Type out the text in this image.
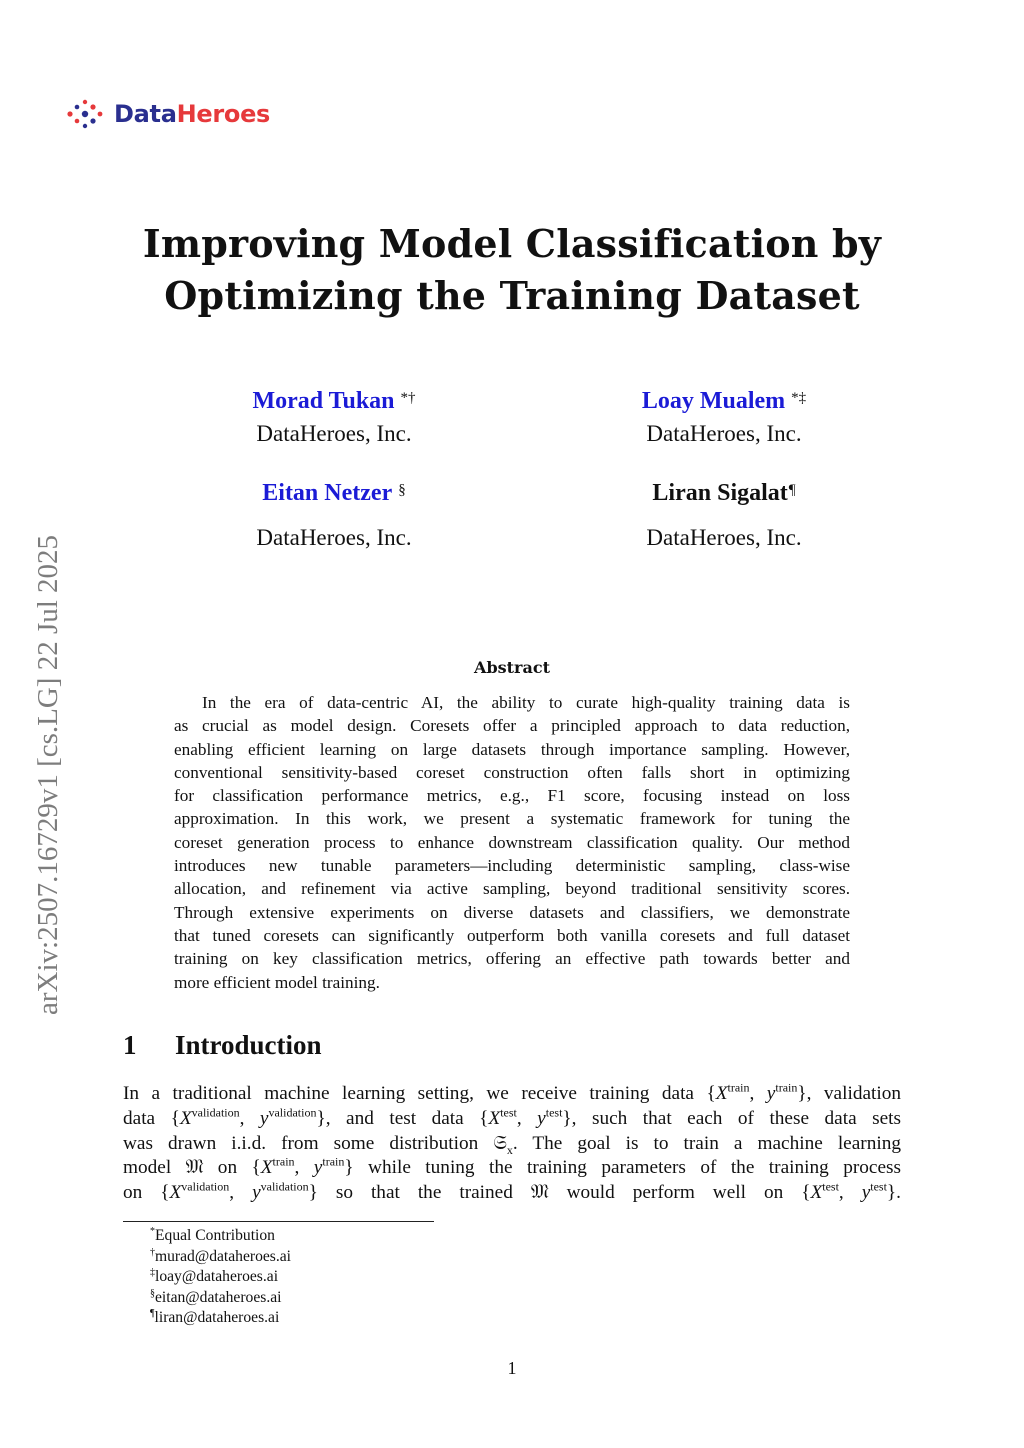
DataHeroes
arXiv:2507.16729v1 [cs.LG] 22 Jul 2025
Improving Model Classification by
Optimizing the Training Dataset
Morad Tukan *†
DataHeroes, Inc.
Loay Mualem *‡
DataHeroes, Inc.
Eitan Netzer §
DataHeroes, Inc.
Liran Sigalat¶
DataHeroes, Inc.
Abstract
In the era of data-centric AI, the ability to curate high-quality training data is
as crucial as model design. Coresets offer a principled approach to data reduction,
enabling efficient learning on large datasets through importance sampling. However,
conventional sensitivity-based coreset construction often falls short in optimizing
for classification performance metrics, e.g., F1 score, focusing instead on loss
approximation. In this work, we present a systematic framework for tuning the
coreset generation process to enhance downstream classification quality. Our method
introduces new tunable parameters—including deterministic sampling, class-wise
allocation, and refinement via active sampling, beyond traditional sensitivity scores.
Through extensive experiments on diverse datasets and classifiers, we demonstrate
that tuned coresets can significantly outperform both vanilla coresets and full dataset
training on key classification metrics, offering an effective path towards better and
more efficient model training.
1 Introduction
In a traditional machine learning setting, we receive training data {$X^{train}$, $y^{train}$}, validation
data {$X^{validation}$, $y^{validation}$}, and test data {$X^{test}$, $y^{test}$}, such that each of these data sets
was drawn i.i.d. from some distribution 𝔖$_x$. The goal is to train a machine learning
model 𝔐 on {$X^{train}$, $y^{train}$} while tuning the training parameters of the training process
on {$X^{validation}$, $y^{validation}$} so that the trained 𝔐 would perform well on {$X^{test}$, $y^{test}$}.
*Equal Contribution
†murad@dataheroes.ai
‡loay@dataheroes.ai
§eitan@dataheroes.ai
¶liran@dataheroes.ai
1
